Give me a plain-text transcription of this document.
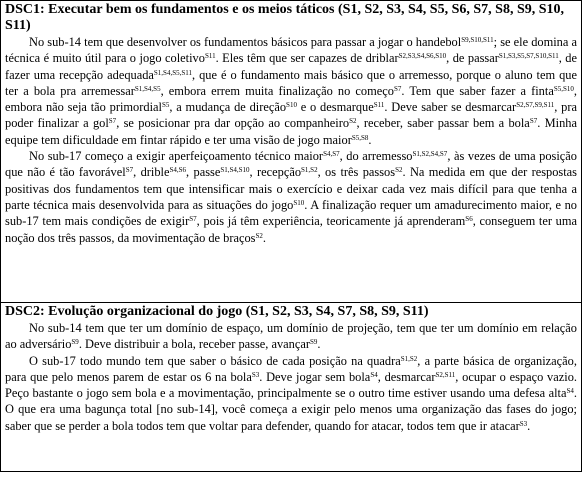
DSC1: Executar bem os fundamentos e os meios táticos (S1, S2, S3, S4, S5, S6, S7, S8, S9, S10, S11)

No sub-14 tem que desenvolver os fundamentos básicos para passar a jogar o handebol$^{S9,S10,S11}$; se ele domina a técnica é muito útil para o jogo coletivo$^{S11}$. Eles têm que ser capazes de driblar$^{S2,S3,S4,S6,S10}$, de passar$^{S1,S3,S5,S7,S10,S11}$, de fazer uma recepção adequada$^{S1,S4,S5,S11}$, que é o fundamento mais básico que o arremesso, porque o aluno tem que ter a bola pra arremessar$^{S1,S4,S5}$, embora errem muita finalização no começo$^{S7}$. Tem que saber fazer a finta$^{S5,S10}$, embora não seja tão primordial$^{S5}$, a mudança de direção$^{S10}$ e o desmarque$^{S11}$. Deve saber se desmarcar$^{S2,S7,S9,S11}$, pra poder finalizar a gol$^{S7}$, se posicionar pra dar opção ao companheiro$^{S2}$, receber, saber passar bem a bola$^{S7}$. Minha equipe tem dificuldade em fintar rápido e ter uma visão de jogo maior$^{S5,S8}$.

No sub-17 começo a exigir aperfeiçoamento técnico maior$^{S4,S7}$, do arremesso$^{S1,S2,S4,S7}$, às vezes de uma posição que não é tão favorável$^{S7}$, drible$^{S4,S6}$, passe$^{S1,S4,S10}$, recepção$^{S1,S2}$, os três passos$^{S2}$. Na medida em que der respostas positivas dos fundamentos tem que intensificar mais o exercício e deixar cada vez mais difícil para que tenha a parte técnica mais desenvolvida para as situações do jogo$^{S10}$. A finalização requer um amadurecimento maior, e no sub-17 tem mais condições de exigir$^{S7}$, pois já têm experiência, teoricamente já aprenderam$^{S6}$, conseguem ter uma noção dos três passos, da movimentação de braços$^{S2}$.

DSC2: Evolução organizacional do jogo (S1, S2, S3, S4, S7, S8, S9, S11)

No sub-14 tem que ter um domínio de espaço, um domínio de projeção, tem que ter um domínio em relação ao adversário$^{S9}$. Deve distribuir a bola, receber passe, avançar$^{S9}$.

O sub-17 todo mundo tem que saber o básico de cada posição na quadra$^{S1,S2}$, a parte básica de organização, para que pelo menos parem de estar os 6 na bola$^{S3}$. Deve jogar sem bola$^{S4}$, desmarcar$^{S2,S11}$, ocupar o espaço vazio. Peço bastante o jogo sem bola e a movimentação, principalmente se o outro time estiver usando uma defesa alta$^{S4}$. O que era uma bagunça total [no sub-14], você começa a exigir pelo menos uma organização das fases do jogo; saber que se perder a bola todos tem que voltar para defender, quando for atacar, todos tem que ir atacar$^{S3}$.
